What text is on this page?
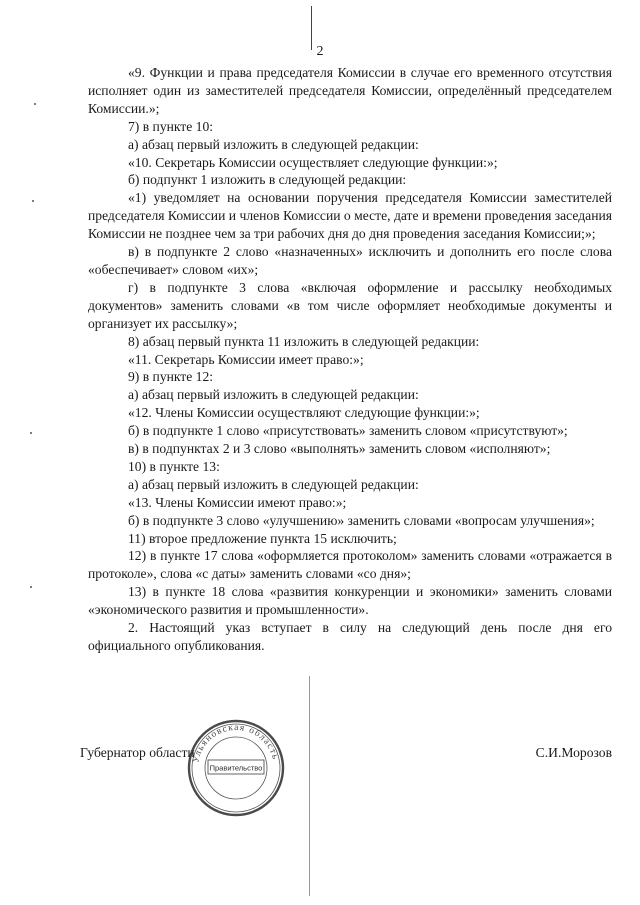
2

«9. Функции и права председателя Комиссии в случае его временного отсутствия исполняет один из заместителей председателя Комиссии, определённый председателем Комиссии.»;

7) в пункте 10:

а) абзац первый изложить в следующей редакции:

«10. Секретарь Комиссии осуществляет следующие функции:»;

б) подпункт 1 изложить в следующей редакции:

«1) уведомляет на основании поручения председателя Комиссии заместителей председателя Комиссии и членов Комиссии о месте, дате и времени проведения заседания Комиссии не позднее чем за три рабочих дня до дня проведения заседания Комиссии;»;

в) в подпункте 2 слово «назначенных» исключить и дополнить его после слова «обеспечивает» словом «их»;

г) в подпункте 3 слова «включая оформление и рассылку необходимых документов» заменить словами «в том числе оформляет необходимые документы и организует их рассылку»;

8) абзац первый пункта 11 изложить в следующей редакции:

«11. Секретарь Комиссии имеет право:»;

9) в пункте 12:

а) абзац первый изложить в следующей редакции:

«12. Члены Комиссии осуществляют следующие функции:»;

б) в подпункте 1 слово «присутствовать» заменить словом «присутствуют»;

в) в подпунктах 2 и 3 слово «выполнять» заменить словом «исполняют»;

10) в пункте 13:

а) абзац первый изложить в следующей редакции:

«13. Члены Комиссии имеют право:»;

б) в подпункте 3 слово «улучшению» заменить словами «вопросам улучшения»;

11) второе предложение пункта 15 исключить;

12) в пункте 17 слова «оформляется протоколом» заменить словами «отражается в протоколе», слова «с даты» заменить словами «со дня»;

13) в пункте 18 слова «развития конкуренции и экономики» заменить словами «экономического развития и промышленности».

2. Настоящий указ вступает в силу на следующий день после дня его официального опубликования.

Губернатор области	С.И.Морозов
Ульяновская область
Правительство
